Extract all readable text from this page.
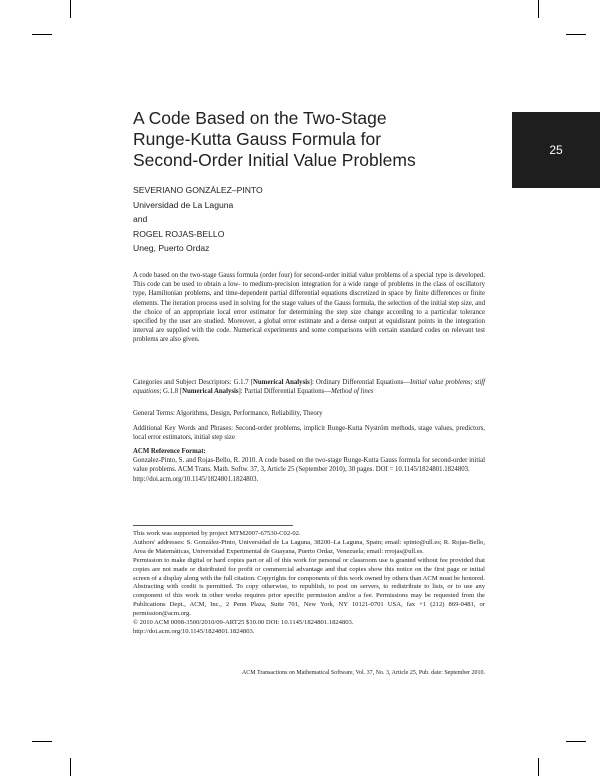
25
A Code Based on the Two-Stage
Runge-Kutta Gauss Formula for
Second-Order Initial Value Problems
SEVERIANO GONZÁLEZ–PINTO
Universidad de La Laguna
and
ROGEL ROJAS-BELLO
Uneg, Puerto Ordaz
A code based on the two-stage Gauss formula (order four) for second-order initial value problems of a special type is developed. This code can be used to obtain a low- to medium-precision integration for a wide range of problems in the class of oscillatory type, Hamiltonian problems, and time-dependent partial differential equations discretized in space by finite differences or finite elements. The iteration process used in solving for the stage values of the Gauss formula, the selection of the initial step size, and the choice of an appropriate local error estimator for determining the step size change according to a particular tolerance specified by the user are studied. Moreover, a global error estimate and a dense output at equidistant points in the integration interval are supplied with the code. Numerical experiments and some comparisons with certain standard codes on relevant test problems are also given.
Categories and Subject Descriptors: G.1.7 [Numerical Analysis]: Ordinary Differential Equations—Initial value problems; stiff equations; G.1.8 [Numerical Analysis]: Partial Differential Equations—Method of lines
General Terms: Algorithms, Design, Performance, Reliability, Theory
Additional Key Words and Phrases: Second-order problems, implicit Runge-Kutta Nyström methods, stage values, predictors, local error estimators, initial step size
ACM Reference Format:
Gonzalez-Pinto, S. and Rojas-Bello, R. 2010. A code based on the two-stage Runge-Kutta Gauss formula for second-order initial value problems. ACM Trans. Math. Softw. 37, 3, Article 25 (September 2010), 30 pages. DOI = 10.1145/1824801.1824803.
http://doi.acm.org/10.1145/1824801.1824803.

This work was supported by project MTM2007-67530-C02-02.

Authors' addresses: S. González-Pinto, Universidad de La Laguna, 38200–La Laguna, Spain; email: spinto@ull.es; R. Rojas-Bello, Area de Matemáticas, Universidad Experimental de Guayana, Puerto Ordaz, Venezuela; email: rrrojas@ull.es.

Permission to make digital or hard copies part or all of this work for personal or classroom use is granted without fee provided that copies are not made or distributed for profit or commercial advantage and that copies show this notice on the first page or initial screen of a display along with the full citation. Copyrights for components of this work owned by others than ACM must be honored. Abstracting with credit is permitted. To copy otherwise, to republish, to post on servers, to redistribute to lists, or to use any component of this work in other works requires prior specific permission and/or a fee. Permissions may be requested from the Publications Dept., ACM, Inc., 2 Penn Plaza, Suite 701, New York, NY 10121-0701 USA, fax +1 (212) 869-0481, or permission@acm.org.

© 2010 ACM 0098-3500/2010/09-ART25 $10.00 DOI: 10.1145/1824801.1824803.

http://doi.acm.org/10.1145/1824801.1824803.

ACM Transactions on Mathematical Software, Vol. 37, No. 3, Article 25, Pub. date: September 2010.
